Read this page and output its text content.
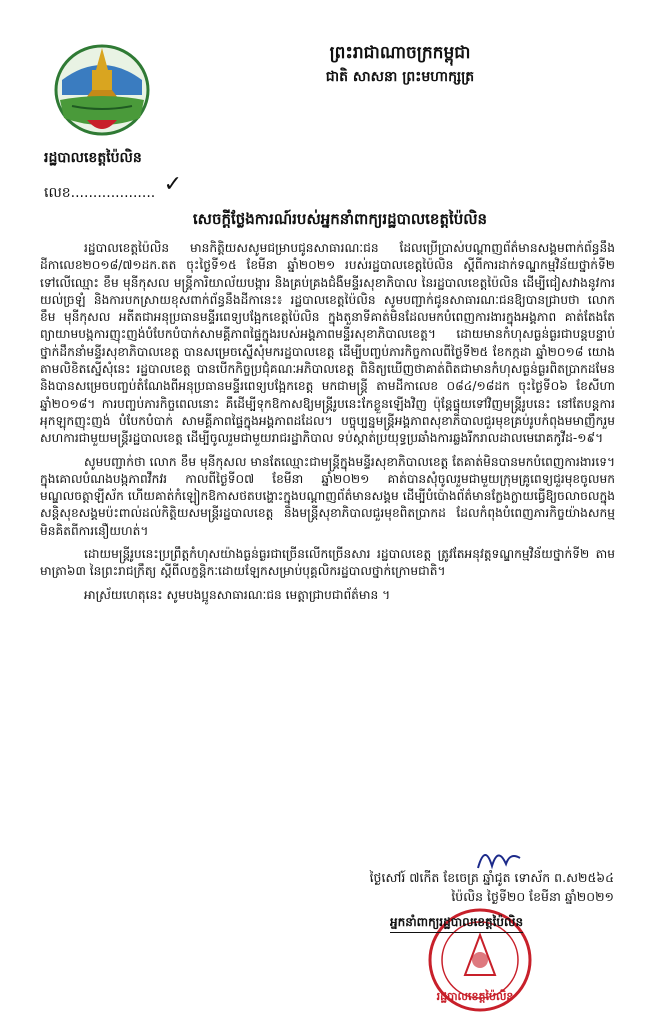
ព្រះរាជាណាចក្រកម្ពុជា
ជាតិ សាសនា ព្រះមហាក្សត្រ
រដ្ឋបាលខេត្តប៉ៃលិន
លេខ................... ✓
សេចក្ដីថ្លែងការណ៍របស់អ្នកនាំពាក្យរដ្ឋបាលខេត្តប៉ៃលិន

រដ្ឋបាលខេត្តប៉ៃលិន មានកិត្តិយសសូមជម្រាបជូនសាធារណៈជន ដែលប្រើប្រាស់បណ្ដាញព័ត៌មានសង្គមពាក់ព័ន្ធនឹងដីកាលេខ២០១៨/៧១ដក.តត ចុះថ្ងៃទី១៥ ខែមីនា ឆ្នាំ២០២១ របស់រដ្ឋបាលខេត្តប៉ៃលិន ស្ដីពីការដាក់ទណ្ឌកម្មវិន័យថ្នាក់ទី២ ទៅលើឈ្មោះ ខឹម មុនីកុសល មន្ត្រីការិយាល័យបង្ការ និងគ្រប់គ្រងជំងឺមន្ទីរសុខាភិបាល នៃរដ្ឋបាលខេត្តប៉ៃលិន ដើម្បីជៀសវាងនូវការយល់ច្រឡំ និងការបកស្រាយខុសពាក់ព័ន្ធនឹងដីកានេះ៖ រដ្ឋបាលខេត្តប៉ៃលិន សូមបញ្ជាក់ជូនសាធារណៈជនឱ្យបានជ្រាបថា លោក ខឹម មុនីកុសល អតីតជាអនុប្រធានមន្ទីរពេទ្យបង្អែកខេត្តប៉ៃលិន ក្នុងតួនាទីគាត់មិនដែលមកបំពេញការងារក្នុងអង្គភាព គាត់តែងតែព្យាយាមបង្កការញុះញង់បំបែកបំបាក់សាមគ្គីភាពផ្ទៃក្នុងរបស់អង្គភាពមន្ទីរសុខាភិបាលខេត្ត។ ដោយមានកំហុសធ្ងន់ធ្ងរជាបន្តបន្ទាប់ថ្នាក់ដឹកនាំមន្ទីរសុខាភិបាលខេត្ត បានសម្រេចស្នើសុំមករដ្ឋបាលខេត្ត ដើម្បីបញ្ចប់ភារកិច្ចកាលពីថ្ងៃទី២៥ ខែកក្កដា ឆ្នាំ២០១៨ យោងតាមលិខិតស្នើសុំនេះ រដ្ឋបាលខេត្ត បានបើកកិច្ចប្រជុំគណៈអភិបាលខេត្ត ពិនិត្យឃើញថាគាត់ពិតជាមានកំហុសធ្ងន់ធ្ងរពិតប្រាកដមែន និងបានសម្រេចបញ្ចប់តំណែងពីអនុប្រធានមន្ទីរពេទ្យបង្អែកខេត្ត មកជាមន្ត្រី តាមដីកាលេខ ០៨៤/១៨ដក ចុះថ្ងៃទី០៦ ខែសីហា ឆ្នាំ២០១៨។ ការបញ្ចប់ភារកិច្ចពេលនោះ គឺដើម្បីទុកឱកាសឱ្យមន្ត្រីរូបនេះកែខ្លួនឡើងវិញ ប៉ុន្តែផ្ទុយទៅវិញមន្ត្រីរូបនេះ នៅតែបន្តការអុកឡុកញុះញង់ បំបែកបំបាក់ សាមគ្គីភាពផ្ទៃក្នុងអង្គភាពដដែល។ បច្ចុប្បន្នមន្ត្រីអង្គភាពសុខាភិបាលជួរមុខគ្រប់រូបកំពុងមមាញឹករួមសហការជាមួយមន្ត្រីរដ្ឋបាលខេត្ត ដើម្បីចូលរួមជាមួយរាជរដ្ឋាភិបាល ទប់ស្កាត់ប្រយុទ្ធប្រឆាំងការឆ្លងរីករាលដាលមេរោគកូវីដ-១៩។

សូមបញ្ជាក់ថា លោក ខឹម មុនីកុសល មានតែឈ្មោះជាមន្ត្រីក្នុងមន្ទីរសុខាភិបាលខេត្ត តែគាត់មិនបានមកបំពេញការងារទេ។ ក្នុងគោលបំណងបង្កភាពវឹកវរ កាលពីថ្ងៃទី០៧ ខែមីនា ឆ្នាំ២០២១ គាត់បានសុំចូលរួមជាមួយក្រុមគ្រូពេទ្យជួរមុខចូលមកមណ្ឌលចត្តាឡីស័ក ហើយគាត់កំឡៀកឱកាសថតបង្ហោះក្នុងបណ្ដាញព័ត៌មានសង្គម ដើម្បីបំប៉ោងព័ត៌មានក្លែងក្លាយធ្វើឱ្យចលាចលក្នុងសន្តិសុខសង្គមប៉ះពាល់ដល់កិត្តិយសមន្ត្រីរដ្ឋបាលខេត្ត និងមន្ត្រីសុខាភិបាលជួរមុខពិតប្រាកដ ដែលកំពុងបំពេញភារកិច្ចយ៉ាងសកម្មមិនគិតពីការនឿយហត់។

ដោយមន្ត្រីរូបនេះប្រព្រឹត្តកំហុសយ៉ាងធ្ងន់ធ្ងរជាច្រើនលើកច្រើនសារ រដ្ឋបាលខេត្ត ត្រូវតែអនុវត្តទណ្ឌកម្មវិន័យថ្នាក់ទី២ តាមមាត្រា៦៣ នៃព្រះរាជក្រឹត្យ ស្ដីពីលក្ខន្តិកៈដោយឡែកសម្រាប់បុគ្គលិករដ្ឋបាលថ្នាក់ក្រោមជាតិ។

អាស្រ័យហេតុនេះ សូមបងប្អូនសាធារណៈជន មេត្តាជ្រាបជាព័ត៌មាន ។

ថ្ងៃសៅរ៍ ៧កើត ខែចេត្រ ឆ្នាំជូត ទោស័ក ព.ស២៥៦៤
ប៉ៃលិន ថ្ងៃទី២០ ខែមីនា ឆ្នាំ២០២១
អ្នកនាំពាក្យរដ្ឋបាលខេត្តប៉ៃលិន
រដ្ឋបាលខេត្តប៉ៃលិន
